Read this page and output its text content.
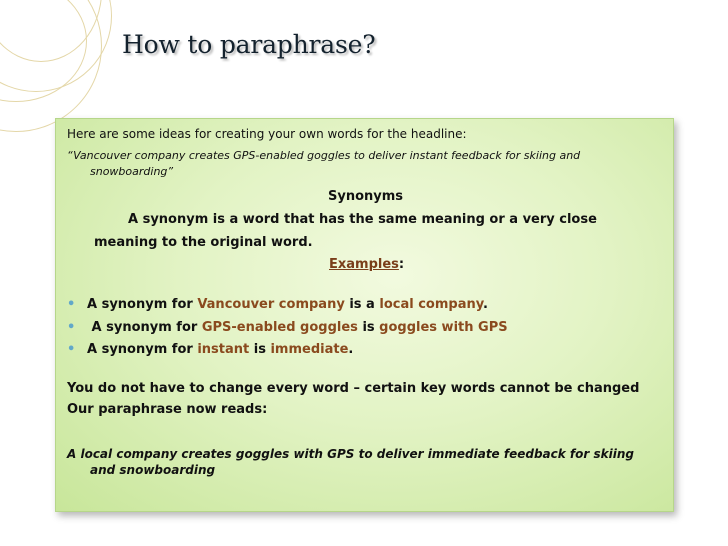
How to paraphrase?
Here are some ideas for creating your own words for the headline:
“Vancouver company creates GPS-enabled goggles to deliver instant feedback for skiing and
snowboarding”
Synonyms
A synonym is a word that has the same meaning or a very close
meaning to the original word.
Examples:
• A synonym for Vancouver company is a local company.
• A synonym for GPS-enabled goggles is goggles with GPS
• A synonym for instant is immediate.
You do not have to change every word – certain key words cannot be changed
Our paraphrase now reads:
A local company creates goggles with GPS to deliver immediate feedback for skiing
and snowboarding
